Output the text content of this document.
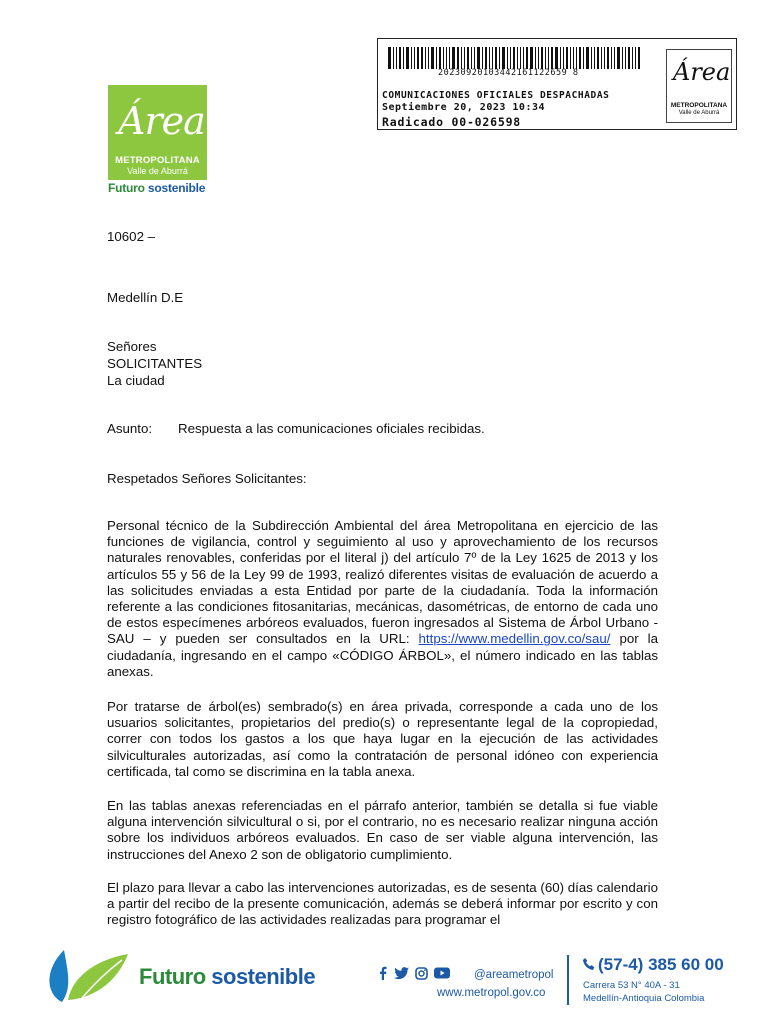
Área
METROPOLITANA
Valle de Aburrá
Futuro sostenible
20230920103442161122659 8
COMUNICACIONES OFICIALES DESPACHADAS
Septiembre 20, 2023 10:34
Radicado 00-026598
Área
METROPOLITANA
Valle de Aburrá
10602 –
Medellín D.E
Señores
SOLICITANTES
La ciudad
Asunto: Respuesta a las comunicaciones oficiales recibidas.
Respetados Señores Solicitantes:
Personal técnico de la Subdirección Ambiental del área Metropolitana en ejercicio de las funciones de vigilancia, control y seguimiento al uso y aprovechamiento de los recursos naturales renovables, conferidas por el literal j) del artículo 7º de la Ley 1625 de 2013 y los artículos 55 y 56 de la Ley 99 de 1993, realizó diferentes visitas de evaluación de acuerdo a las solicitudes enviadas a esta Entidad por parte de la ciudadanía. Toda la información referente a las condiciones fitosanitarias, mecánicas, dasométricas, de entorno de cada uno de estos especímenes arbóreos evaluados, fueron ingresados al Sistema de Árbol Urbano - SAU – y pueden ser consultados en la URL: https://www.medellin.gov.co/sau/ por la ciudadanía, ingresando en el campo «CÓDIGO ÁRBOL», el número indicado en las tablas anexas.
Por tratarse de árbol(es) sembrado(s) en área privada, corresponde a cada uno de los usuarios solicitantes, propietarios del predio(s) o representante legal de la copropiedad, correr con todos los gastos a los que haya lugar en la ejecución de las actividades silviculturales autorizadas, así como la contratación de personal idóneo con experiencia certificada, tal como se discrimina en la tabla anexa.
En las tablas anexas referenciadas en el párrafo anterior, también se detalla si fue viable alguna intervención silvicultural o si, por el contrario, no es necesario realizar ninguna acción sobre los individuos arbóreos evaluados. En caso de ser viable alguna intervención, las instrucciones del Anexo 2 son de obligatorio cumplimiento.
El plazo para llevar a cabo las intervenciones autorizadas, es de sesenta (60) días calendario a partir del recibo de la presente comunicación, además se deberá informar por escrito y con registro fotográfico de las actividades realizadas para programar el
Futuro sostenible	@areametropol
www.metropol.gov.co
(57-4) 385 60 00
Carrera 53 N° 40A - 31
Medellín-Antioquia Colombia
